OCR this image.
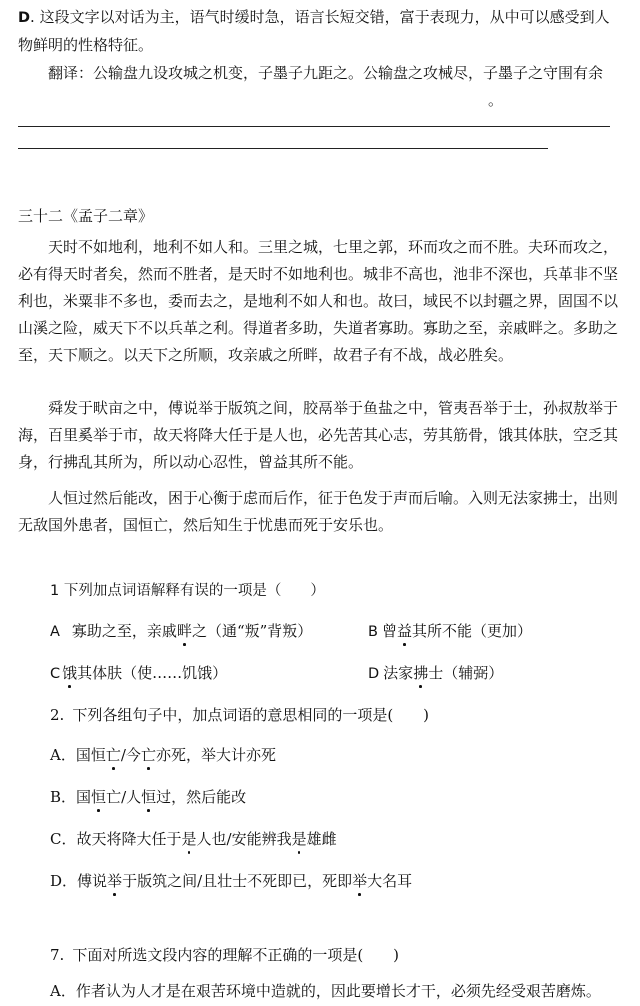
D. 这段文字以对话为主，语气时缓时急，语言长短交错，富于表现力，从中可以感受到人物鲜明的性格特征。

翻译：公输盘九设攻城之机变，子墨子九距之。公输盘之攻械尽，子墨子之守围有余。

三十二《孟子二章》

天时不如地利，地利不如人和。三里之城，七里之郭，环而攻之而不胜。夫环而攻之，必有得天时者矣，然而不胜者，是天时不如地利也。城非不高也，池非不深也，兵革非不坚利也，米粟非不多也，委而去之，是地利不如人和也。故曰，域民不以封疆之界，固国不以山溪之险，威天下不以兵革之利。得道者多助，失道者寡助。寡助之至，亲戚畔之。多助之至，天下顺之。以天下之所顺，攻亲戚之所畔，故君子有不战，战必胜矣。

舜发于畎亩之中，傅说举于版筑之间，胶鬲举于鱼盐之中，管夷吾举于士，孙叔敖举于海，百里奚举于市，故天将降大任于是人也，必先苦其心志，劳其筋骨，饿其体肤，空乏其身，行拂乱其所为，所以动心忍性，曾益其所不能。

人恒过然后能改，困于心衡于虑而后作，征于色发于声而后喻。入则无法家拂士，出则无敌国外患者，国恒亡，然后知生于忧患而死于安乐也。

1 下列加点词语解释有误的一项是（　　）
A 寡助之至，亲戚畔之（通“叛”背叛）	B 曾益其所不能（更加）
C 饿其体肤（使……饥饿）	D 法家拂士（辅弼）
2. 下列各组句子中，加点词语的意思相同的一项是(　　)
A．国恒亡/今亡亦死，举大计亦死
B．国恒亡/人恒过，然后能改
C．故天将降大任于是人也/安能辨我是雄雌
D．傅说举于版筑之间/且壮士不死即已，死即举大名耳
7. 下面对所选文段内容的理解不正确的一项是(　　)
A．作者认为人才是在艰苦环境中造就的，因此要增长才干，必须先经受艰苦磨炼。
